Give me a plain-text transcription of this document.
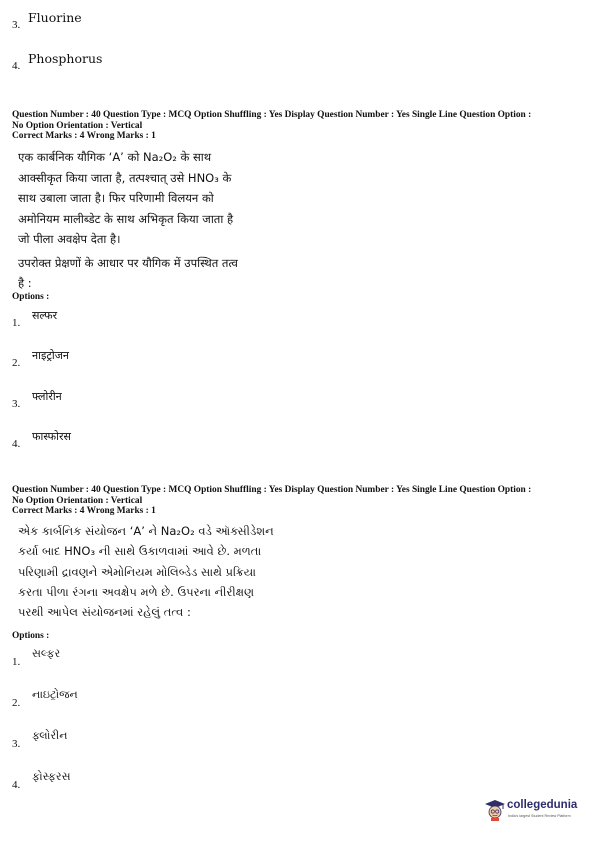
3. Fluorine
4. Phosphorus
Question Number : 40 Question Type : MCQ Option Shuffling : Yes Display Question Number : Yes Single Line Question Option :
No Option Orientation : Vertical
Correct Marks : 4 Wrong Marks : 1

एक कार्बनिक यौगिक ‘A’ को Na₂O₂ के साथ
आक्सीकृत किया जाता है, तत्पश्चात् उसे HNO₃ के
साथ उबाला जाता है। फिर परिणामी विलयन को
अमोनियम मालीब्डेट के साथ अभिकृत किया जाता है
जो पीला अवक्षेप देता है।

उपरोक्त प्रेक्षणों के आधार पर यौगिक में उपस्थित तत्व
है :

Options :
1.
सल्फर
2.
नाइट्रोजन
3.
फ्लोरीन
4.
फास्फोरस
Question Number : 40 Question Type : MCQ Option Shuffling : Yes Display Question Number : Yes Single Line Question Option :
No Option Orientation : Vertical
Correct Marks : 4 Wrong Marks : 1

એક કાર્બનિક સંયોજન ‘A’ ને Na₂O₂ વડે ઑક્સીડેશન
કર્યા બાદ HNO₃ ની સાથે ઉકાળવામાં આવે છે. મળતા
પરિણામી દ્રાવણને એમોનિયમ મોલિબ્ડેડ સાથે પ્રક્રિયા
કરતા પીળા રંગના અવક્ષેપ મળે છે. ઉપરના નીરીક્ષણ
પરથી આપેલ સંયોજનમાં રહેલું તત્વ :

Options :
1.
સલ્ફર
2.
નાઇટ્રોજન
3.
ફ્લોરીન
4.
ફોસ્ફરસ
collegedunia
India's largest Student Review Platform
